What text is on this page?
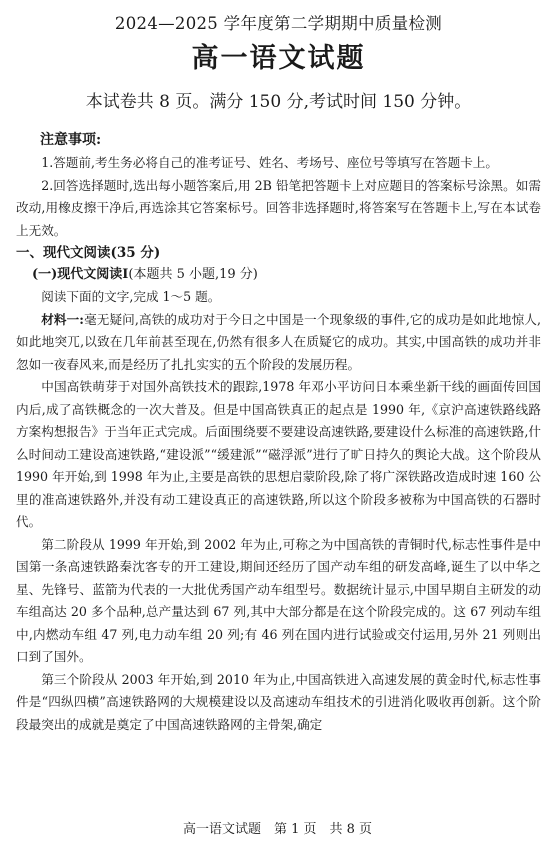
2024—2025 学年度第二学期期中质量检测
高一语文试题
本试卷共 8 页。满分 150 分,考试时间 150 分钟。
注意事项:

1.答题前,考生务必将自己的准考证号、姓名、考场号、座位号等填写在答题卡上。

2.回答选择题时,选出每小题答案后,用 2B 铅笔把答题卡上对应题目的答案标号涂黑。如需改动,用橡皮擦干净后,再选涂其它答案标号。回答非选择题时,将答案写在答题卡上,写在本试卷上无效。

一、现代文阅读(35 分)
(一)现代文阅读Ⅰ(本题共 5 小题,19 分)

阅读下面的文字,完成 1～5 题。

材料一:毫无疑问,高铁的成功对于今日之中国是一个现象级的事件,它的成功是如此地惊人,如此地突兀,以致在几年前甚至现在,仍然有很多人在质疑它的成功。其实,中国高铁的成功并非忽如一夜春风来,而是经历了扎扎实实的五个阶段的发展历程。

中国高铁萌芽于对国外高铁技术的跟踪,1978 年邓小平访问日本乘坐新干线的画面传回国内后,成了高铁概念的一次大普及。但是中国高铁真正的起点是 1990 年,《京沪高速铁路线路方案构想报告》于当年正式完成。后面围绕要不要建设高速铁路,要建设什么标准的高速铁路,什么时间动工建设高速铁路,“建设派”“缓建派”“磁浮派”进行了旷日持久的舆论大战。这个阶段从 1990 年开始,到 1998 年为止,主要是高铁的思想启蒙阶段,除了将广深铁路改造成时速 160 公里的准高速铁路外,并没有动工建设真正的高速铁路,所以这个阶段多被称为中国高铁的石器时代。

第二阶段从 1999 年开始,到 2002 年为止,可称之为中国高铁的青铜时代,标志性事件是中国第一条高速铁路秦沈客专的开工建设,期间还经历了国产动车组的研发高峰,诞生了以中华之星、先锋号、蓝箭为代表的一大批优秀国产动车组型号。数据统计显示,中国早期自主研发的动车组高达 20 多个品种,总产量达到 67 列,其中大部分都是在这个阶段完成的。这 67 列动车组中,内燃动车组 47 列,电力动车组 20 列;有 46 列在国内进行试验或交付运用,另外 21 列则出口到了国外。

第三个阶段从 2003 年开始,到 2010 年为止,中国高铁进入高速发展的黄金时代,标志性事件是“四纵四横”高速铁路网的大规模建设以及高速动车组技术的引进消化吸收再创新。这个阶段最突出的成就是奠定了中国高速铁路网的主骨架,确定

高一语文试题　第 1 页　共 8 页
